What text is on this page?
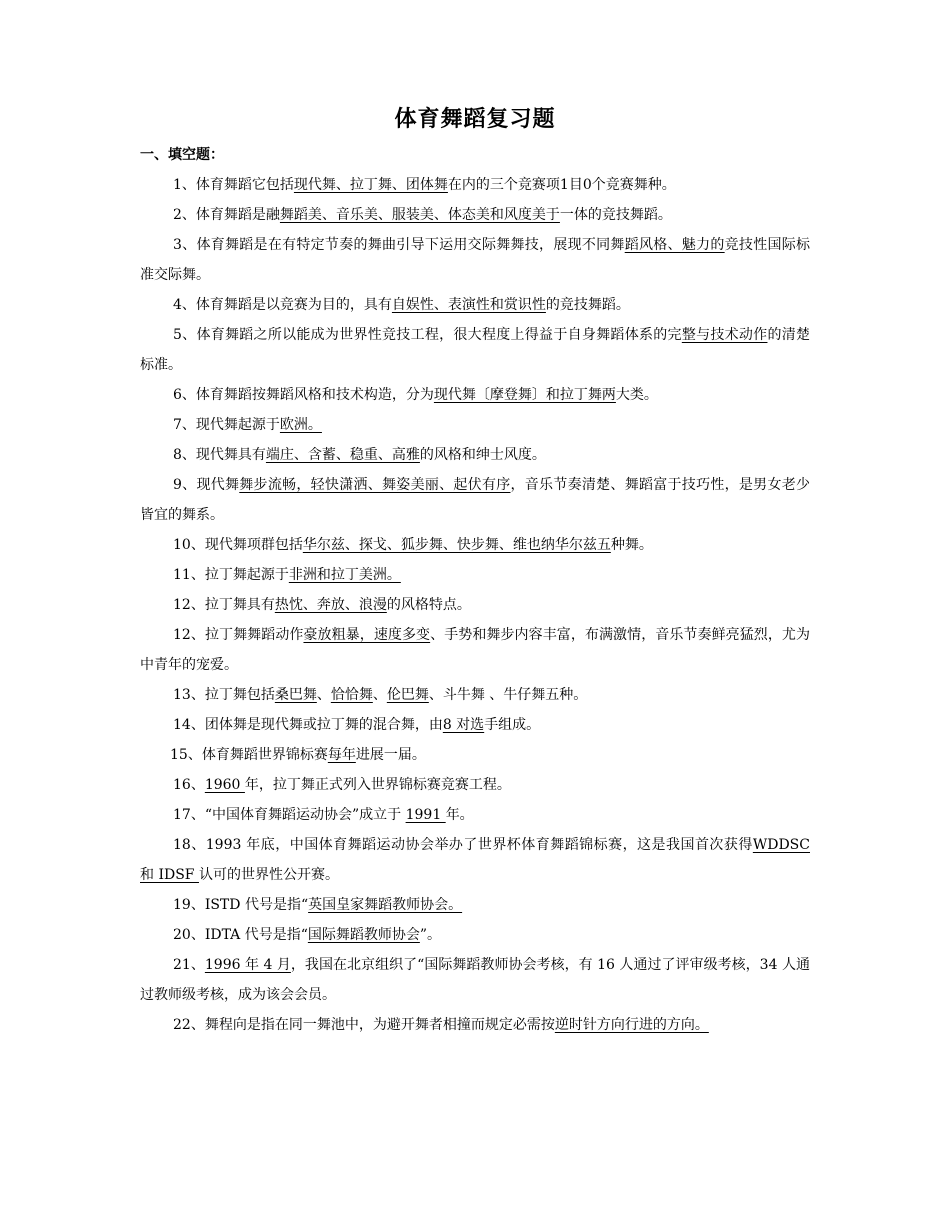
体育舞蹈复习题

一、填空题：

1、体育舞蹈它包括现代舞、拉丁舞、团体舞在内的三个竞赛项1目0个竞赛舞种。

2、体育舞蹈是融舞蹈美、音乐美、服装美、体态美和风度美于一体的竞技舞蹈。

3、体育舞蹈是在有特定节奏的舞曲引导下运用交际舞舞技，展现不同舞蹈风格、魅力的竞技性国际标准交际舞。

4、体育舞蹈是以竞赛为目的，具有自娱性、表演性和赏识性的竞技舞蹈。

5、体育舞蹈之所以能成为世界性竞技工程，很大程度上得益于自身舞蹈体系的完整与技术动作的清楚标准。

6、体育舞蹈按舞蹈风格和技术构造，分为现代舞〔摩登舞〕和拉丁舞两大类。

7、现代舞起源于欧洲。

8、现代舞具有端庄、含蓄、稳重、高雅的风格和绅士风度。

9、现代舞舞步流畅，轻快潇洒、舞姿美丽、起伏有序，音乐节奏清楚、舞蹈富于技巧性，是男女老少皆宜的舞系。

10、现代舞项群包括华尔兹、探戈、狐步舞、快步舞、维也纳华尔兹五种舞。

11、拉丁舞起源于非洲和拉丁美洲。

12、拉丁舞具有热忱、奔放、浪漫的风格特点。

12、拉丁舞舞蹈动作豪放粗暴，速度多变、手势和舞步内容丰富，布满激情，音乐节奏鲜亮猛烈，尤为中青年的宠爱。

13、拉丁舞包括桑巴舞、恰恰舞、伦巴舞、斗牛舞 、牛仔舞五种。

14、团体舞是现代舞或拉丁舞的混合舞，由8 对选手组成。

15、体育舞蹈世界锦标赛每年进展一届。

16、1960 年，拉丁舞正式列入世界锦标赛竞赛工程。

17、“中国体育舞蹈运动协会”成立于 1991 年。

18、1993 年底，中国体育舞蹈运动协会举办了世界杯体育舞蹈锦标赛，这是我国首次获得WDDSC 和 IDSF 认可的世界性公开赛。

19、ISTD 代号是指“英国皇家舞蹈教师协会。

20、IDTA 代号是指“国际舞蹈教师协会”。

21、1996 年 4 月，我国在北京组织了“国际舞蹈教师协会考核，有 16 人通过了评审级考核，34 人通过教师级考核，成为该会会员。

22、舞程向是指在同一舞池中，为避开舞者相撞而规定必需按逆时针方向行进的方向。
